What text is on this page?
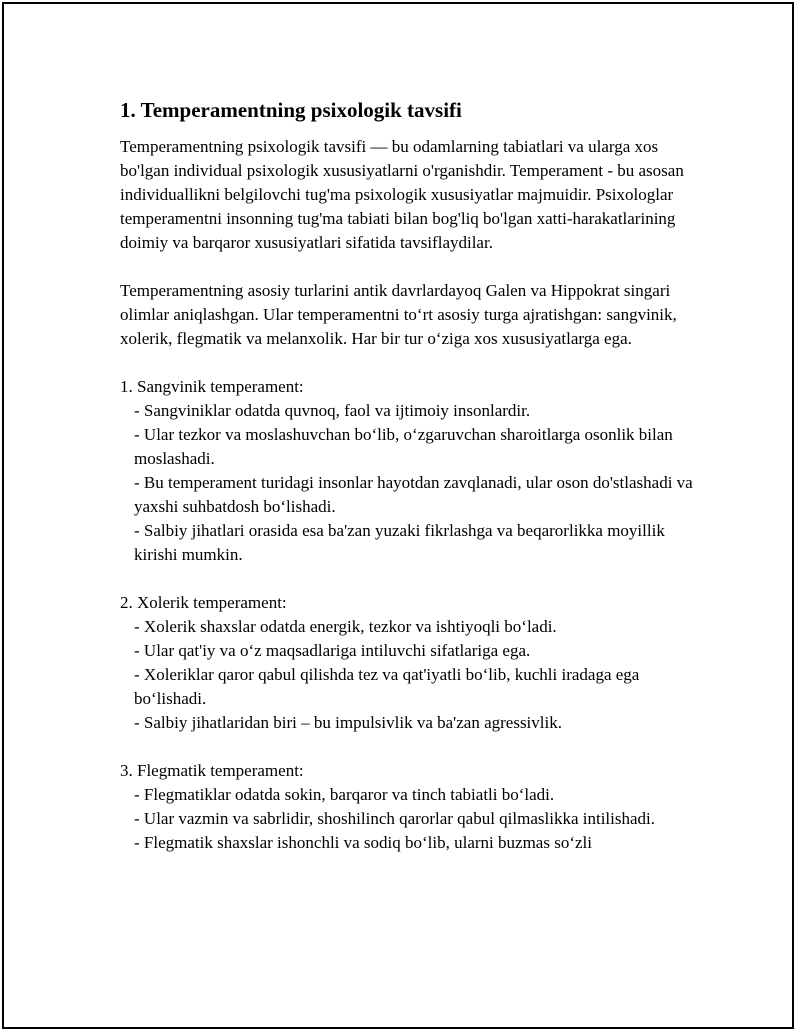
1. Temperamentning psixologik tavsifi

Temperamentning psixologik tavsifi — bu odamlarning tabiatlari va ularga xos bo'lgan individual psixologik xususiyatlarni o'rganishdir. Temperament - bu asosan individuallikni belgilovchi tug'ma psixologik xususiyatlar majmuidir. Psixologlar temperamentni insonning tug'ma tabiati bilan bog'liq bo'lgan xatti-harakatlarining doimiy va barqaror xususiyatlari sifatida tavsiflaydilar.

Temperamentning asosiy turlarini antik davrlardayoq Galen va Hippokrat singari olimlar aniqlashgan. Ular temperamentni to‘rt asosiy turga ajratishgan: sangvinik, xolerik, flegmatik va melanxolik. Har bir tur o‘ziga xos xususiyatlarga ega.

1. Sangvinik temperament:

- Sangviniklar odatda quvnoq, faol va ijtimoiy insonlardir.

- Ular tezkor va moslashuvchan bo‘lib, o‘zgaruvchan sharoitlarga osonlik bilan moslashadi.

- Bu temperament turidagi insonlar hayotdan zavqlanadi, ular oson do'stlashadi va yaxshi suhbatdosh bo‘lishadi.

- Salbiy jihatlari orasida esa ba'zan yuzaki fikrlashga va beqarorlikka moyillik kirishi mumkin.

2. Xolerik temperament:

- Xolerik shaxslar odatda energik, tezkor va ishtiyoqli bo‘ladi.

- Ular qat'iy va o‘z maqsadlariga intiluvchi sifatlariga ega.

- Xoleriklar qaror qabul qilishda tez va qat'iyatli bo‘lib, kuchli iradaga ega bo‘lishadi.

- Salbiy jihatlaridan biri – bu impulsivlik va ba'zan agressivlik.

3. Flegmatik temperament:

- Flegmatiklar odatda sokin, barqaror va tinch tabiatli bo‘ladi.

- Ular vazmin va sabrlidir, shoshilinch qarorlar qabul qilmaslikka intilishadi.

- Flegmatik shaxslar ishonchli va sodiq bo‘lib, ularni buzmas so‘zli
